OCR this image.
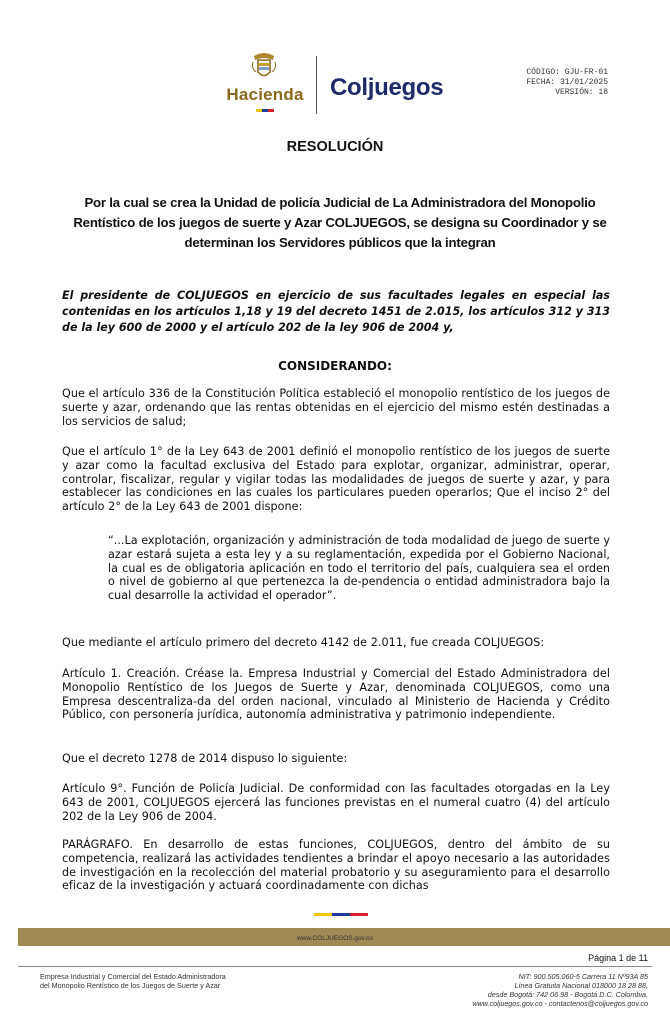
Hacienda Coljuegos
CÓDIGO: GJU-FR-01
FECHA: 31/01/2025
VERSIÓN: 18
RESOLUCIÓN
Por la cual se crea la Unidad de policía Judicial de La Administradora del Monopolio Rentístico de los juegos de suerte y Azar COLJUEGOS, se designa su Coordinador y se determinan los Servidores públicos que la integran
El presidente de COLJUEGOS en ejercicio de sus facultades legales en especial las contenidas en los artículos 1,18 y 19 del decreto 1451 de 2.015, los artículos 312 y 313 de la ley 600 de 2000 y el artículo 202 de la ley 906 de 2004 y,
CONSIDERANDO:
Que el artículo 336 de la Constitución Política estableció el monopolio rentístico de los juegos de suerte y azar, ordenando que las rentas obtenidas en el ejercicio del mismo estén destinadas a los servicios de salud;
Que el artículo 1° de la Ley 643 de 2001 definió el monopolio rentístico de los juegos de suerte y azar como la facultad exclusiva del Estado para explotar, organizar, administrar, operar, controlar, fiscalizar, regular y vigilar todas las modalidades de juegos de suerte y azar, y para establecer las condiciones en las cuales los particulares pueden operarlos; Que el inciso 2° del artículo 2° de la Ley 643 de 2001 dispone:
“...La explotación, organización y administración de toda modalidad de juego de suerte y azar estará sujeta a esta ley y a su reglamentación, expedida por el Gobierno Nacional, la cual es de obligatoria aplicación en todo el territorio del país, cualquiera sea el orden o nivel de gobierno al que pertenezca la de-pendencia o entidad administradora bajo la cual desarrolle la actividad el operador”.
Que mediante el artículo primero del decreto 4142 de 2.011, fue creada COLJUEGOS:
Artículo 1. Creación. Créase la. Empresa Industrial y Comercial del Estado Administradora del Monopolio Rentístico de los Juegos de Suerte y Azar, denominada COLJUEGOS, como una Empresa descentraliza-da del orden nacional, vinculado al Ministerio de Hacienda y Crédito Público, con personería jurídica, autonomía administrativa y patrimonio independiente.
Que el decreto 1278 de 2014 dispuso lo siguiente:
Artículo 9°. Función de Policía Judicial. De conformidad con las facultades otorgadas en la Ley 643 de 2001, COLJUEGOS ejercerá las funciones previstas en el numeral cuatro (4) del artículo 202 de la Ley 906 de 2004.
PARÁGRAFO. En desarrollo de estas funciones, COLJUEGOS, dentro del ámbito de su competencia, realizará las actividades tendientes a brindar el apoyo necesario a las autoridades de investigación en la recolección del material probatorio y su aseguramiento para el desarrollo eficaz de la investigación y actuará coordinadamente con dichas
www.COLJUEGOS.gov.co
Página 1 de 11
Empresa Industrial y Comercial del Estado Administradora
del Monopolio Rentístico de los Juegos de Suerte y Azar
NIT: 900.505.060-5 Carrera 11 Nº93A 85
Línea Gratuita Nacional 018000 18 28 88,
desde Bogotá: 742 06 98 - Bogotá D.C. Colombia.
www.coljuegos.gov.co - contactenos@coljuegos.gov.co
